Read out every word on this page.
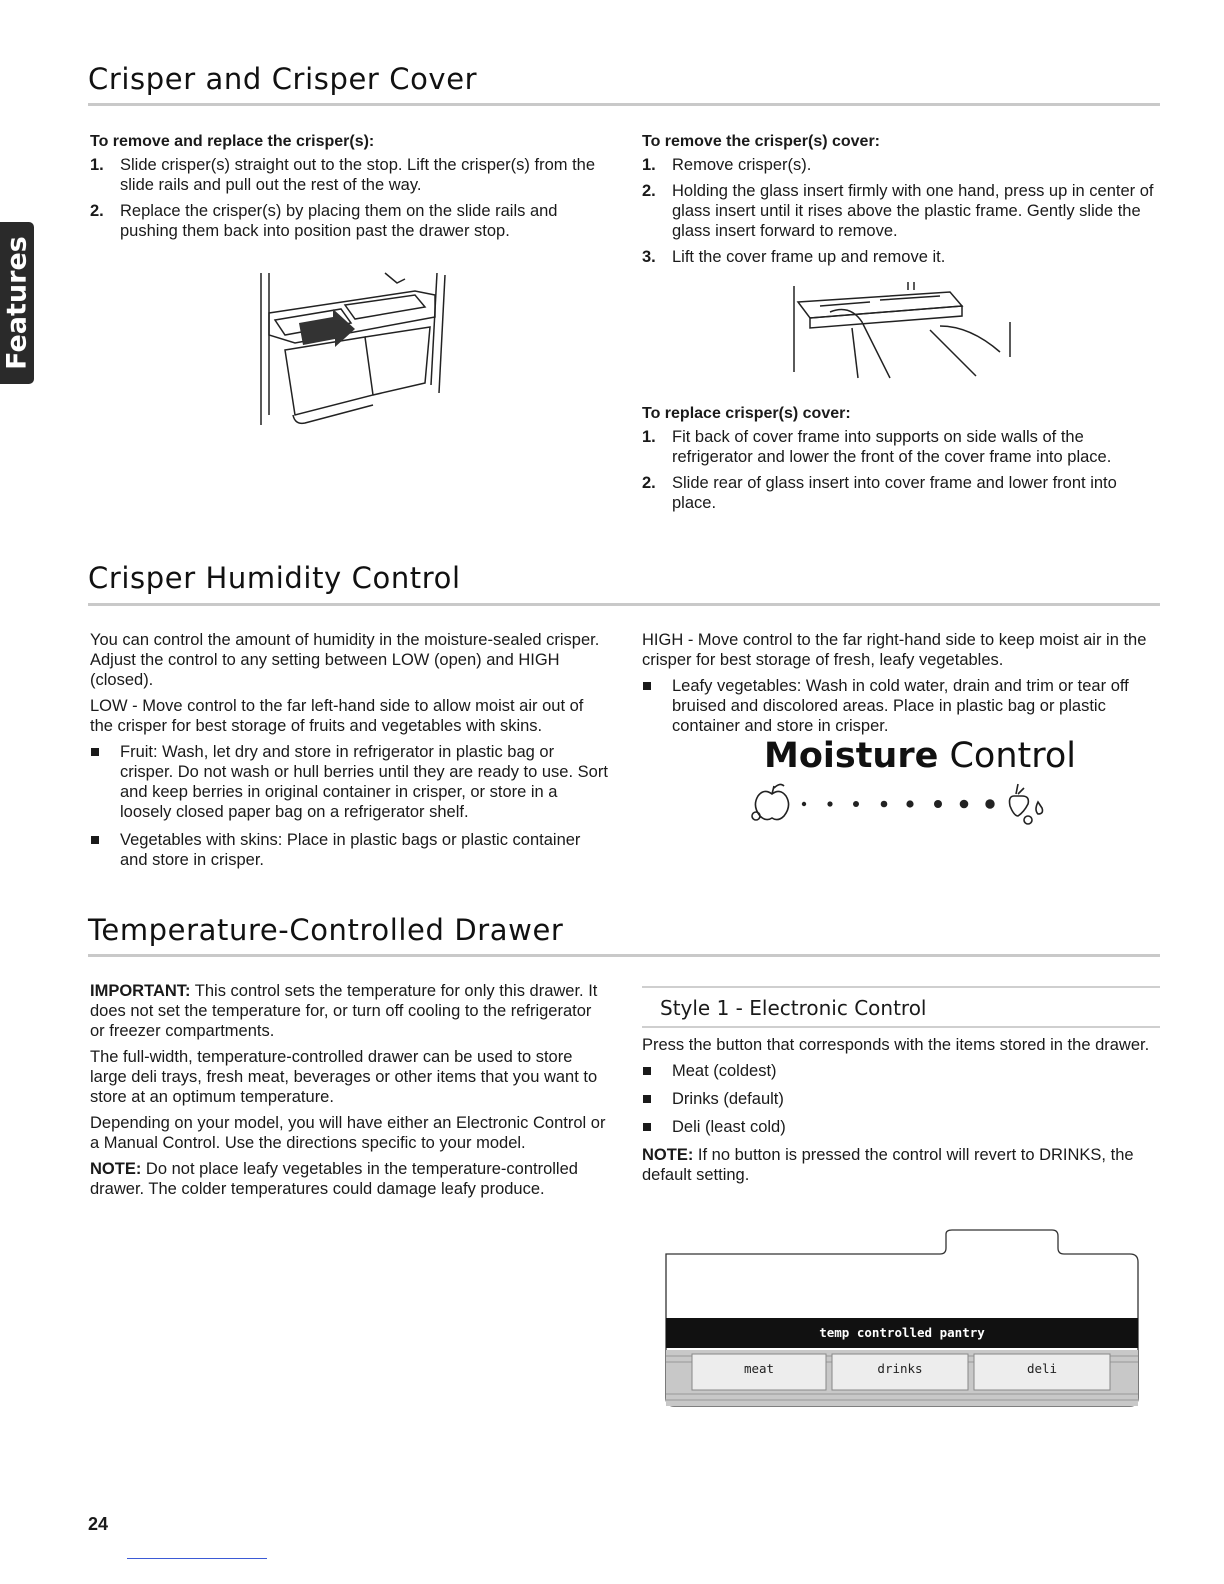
Features
Crisper and Crisper Cover
To remove and replace the crisper(s):
1. Slide crisper(s) straight out to the stop. Lift the crisper(s) from the slide rails and pull out the rest of the way.
2. Replace the crisper(s) by placing them on the slide rails and pushing them back into position past the drawer stop.
To remove the crisper(s) cover:
1. Remove crisper(s).
2. Holding the glass insert firmly with one hand, press up in center of glass insert until it rises above the plastic frame. Gently slide the glass insert forward to remove.
3. Lift the cover frame up and remove it.
To replace crisper(s) cover:
1. Fit back of cover frame into supports on side walls of the refrigerator and lower the front of the cover frame into place.
2. Slide rear of glass insert into cover frame and lower front into place.
Crisper Humidity Control

You can control the amount of humidity in the moisture-sealed crisper. Adjust the control to any setting between LOW (open) and HIGH (closed).

LOW - Move control to the far left-hand side to allow moist air out of the crisper for best storage of fruits and vegetables with skins.

Fruit: Wash, let dry and store in refrigerator in plastic bag or crisper. Do not wash or hull berries until they are ready to use. Sort and keep berries in original container in crisper, or store in a loosely closed paper bag on a refrigerator shelf.
Vegetables with skins: Place in plastic bags or plastic container and store in crisper.

HIGH - Move control to the far right-hand side to keep moist air in the crisper for best storage of fresh, leafy vegetables.

Leafy vegetables: Wash in cold water, drain and trim or tear off bruised and discolored areas. Place in plastic bag or plastic container and store in crisper.
Moisture Control
Temperature-Controlled Drawer

IMPORTANT: This control sets the temperature for only this drawer. It does not set the temperature for, or turn off cooling to the refrigerator or freezer compartments.

The full-width, temperature-controlled drawer can be used to store large deli trays, fresh meat, beverages or other items that you want to store at an optimum temperature.

Depending on your model, you will have either an Electronic Control or a Manual Control. Use the directions specific to your model.

NOTE: Do not place leafy vegetables in the temperature-controlled drawer. The colder temperatures could damage leafy produce.

Style 1 - Electronic Control

Press the button that corresponds with the items stored in the drawer.

Meat (coldest)
Drinks (default)
Deli (least cold)

NOTE: If no button is pressed the control will revert to DRINKS, the default setting.

temp controlled pantry
meat	drinks	deli
24
